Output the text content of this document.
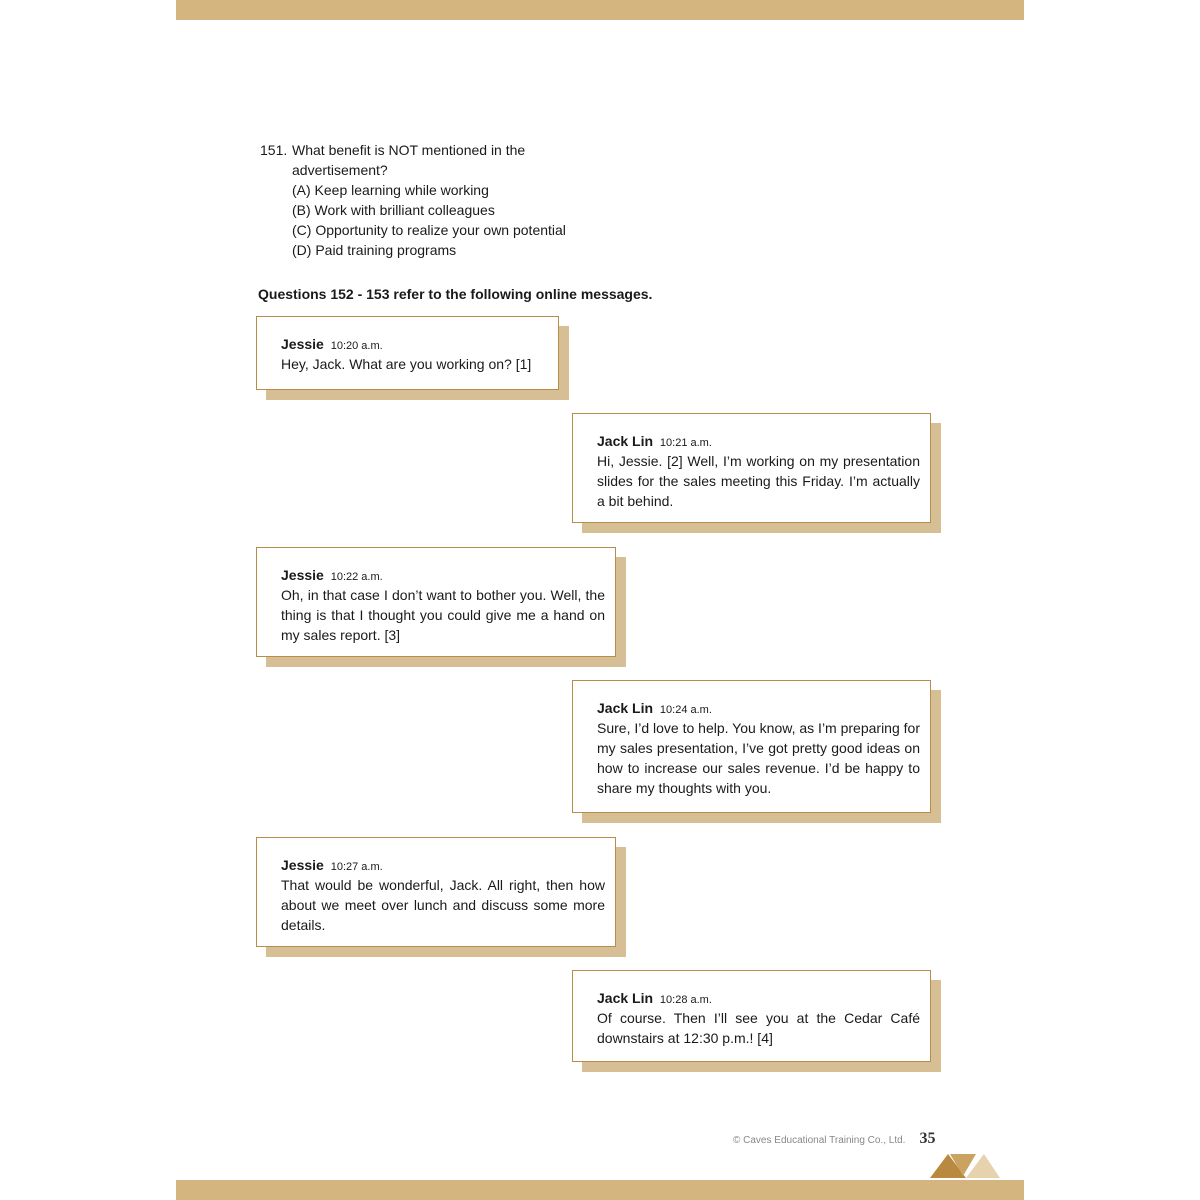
151. What benefit is NOT mentioned in the advertisement?
(A) Keep learning while working
(B) Work with brilliant colleagues
(C) Opportunity to realize your own potential
(D) Paid training programs
Questions 152 - 153 refer to the following online messages.
Jessie 10:20 a.m.
Hey, Jack. What are you working on? [1]
Jack Lin 10:21 a.m.
Hi, Jessie. [2] Well, I’m working on my presentation slides for the sales meeting this Friday. I’m actually a bit behind.
Jessie 10:22 a.m.
Oh, in that case I don’t want to bother you. Well, the thing is that I thought you could give me a hand on my sales report. [3]
Jack Lin 10:24 a.m.
Sure, I’d love to help. You know, as I’m preparing for my sales presentation, I’ve got pretty good ideas on how to increase our sales revenue. I’d be happy to share my thoughts with you.
Jessie 10:27 a.m.
That would be wonderful, Jack. All right, then how about we meet over lunch and discuss some more details.
Jack Lin 10:28 a.m.
Of course. Then I’ll see you at the Cedar Café downstairs at 12:30 p.m.! [4]
© Caves Educational Training Co., Ltd. 35
